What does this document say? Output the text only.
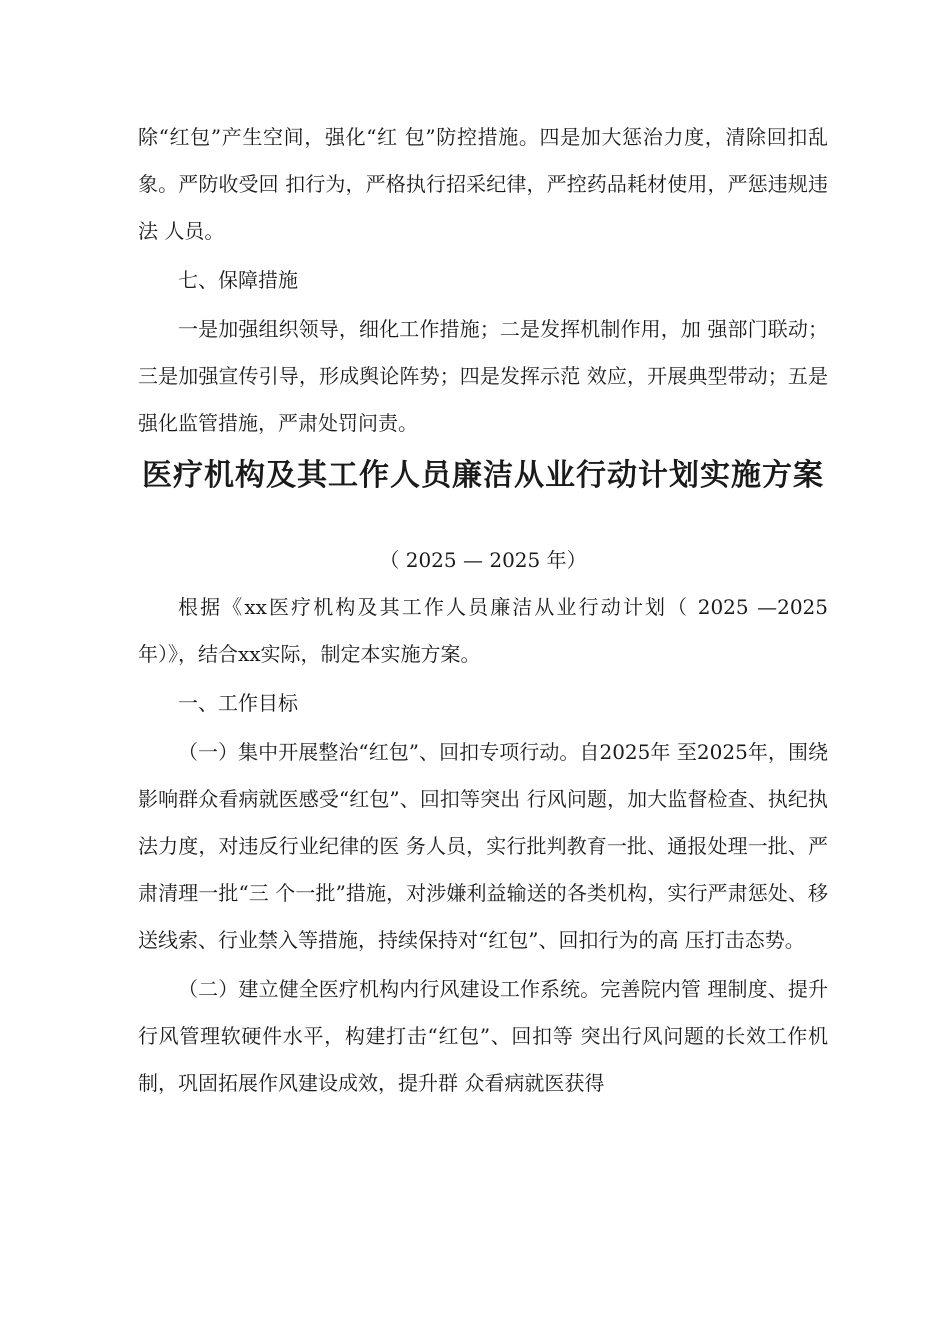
除“红包”产生空间，强化“红 包”防控措施。四是加大惩治力度，清除回扣乱象。严防收受回 扣行为，严格执行招采纪律，严控药品耗材使用，严惩违规违法 人员。

七、保障措施

一是加强组织领导，细化工作措施；二是发挥机制作用，加 强部门联动；三是加强宣传引导，形成舆论阵势；四是发挥示范 效应，开展典型带动；五是强化监管措施，严肃处罚问责。

医疗机构及其工作人员廉洁从业行动计划实施方案
（ 2025 — 2025 年）

根据《xx医疗机构及其工作人员廉洁从业行动计划（ 2025 —2025 年）》，结合xx实际，制定本实施方案。

一、工作目标

（一）集中开展整治“红包”、回扣专项行动。自2025年 至2025年，围绕影响群众看病就医感受“红包”、回扣等突出 行风问题，加大监督检查、执纪执法力度，对违反行业纪律的医 务人员，实行批判教育一批、通报处理一批、严肃清理一批“三 个一批”措施，对涉嫌利益输送的各类机构，实行严肃惩处、移 送线索、行业禁入等措施，持续保持对“红包”、回扣行为的高 压打击态势。

（二）建立健全医疗机构内行风建设工作系统。完善院内管 理制度、提升行风管理软硬件水平，构建打击“红包”、回扣等 突出行风问题的长效工作机制，巩固拓展作风建设成效，提升群 众看病就医获得
